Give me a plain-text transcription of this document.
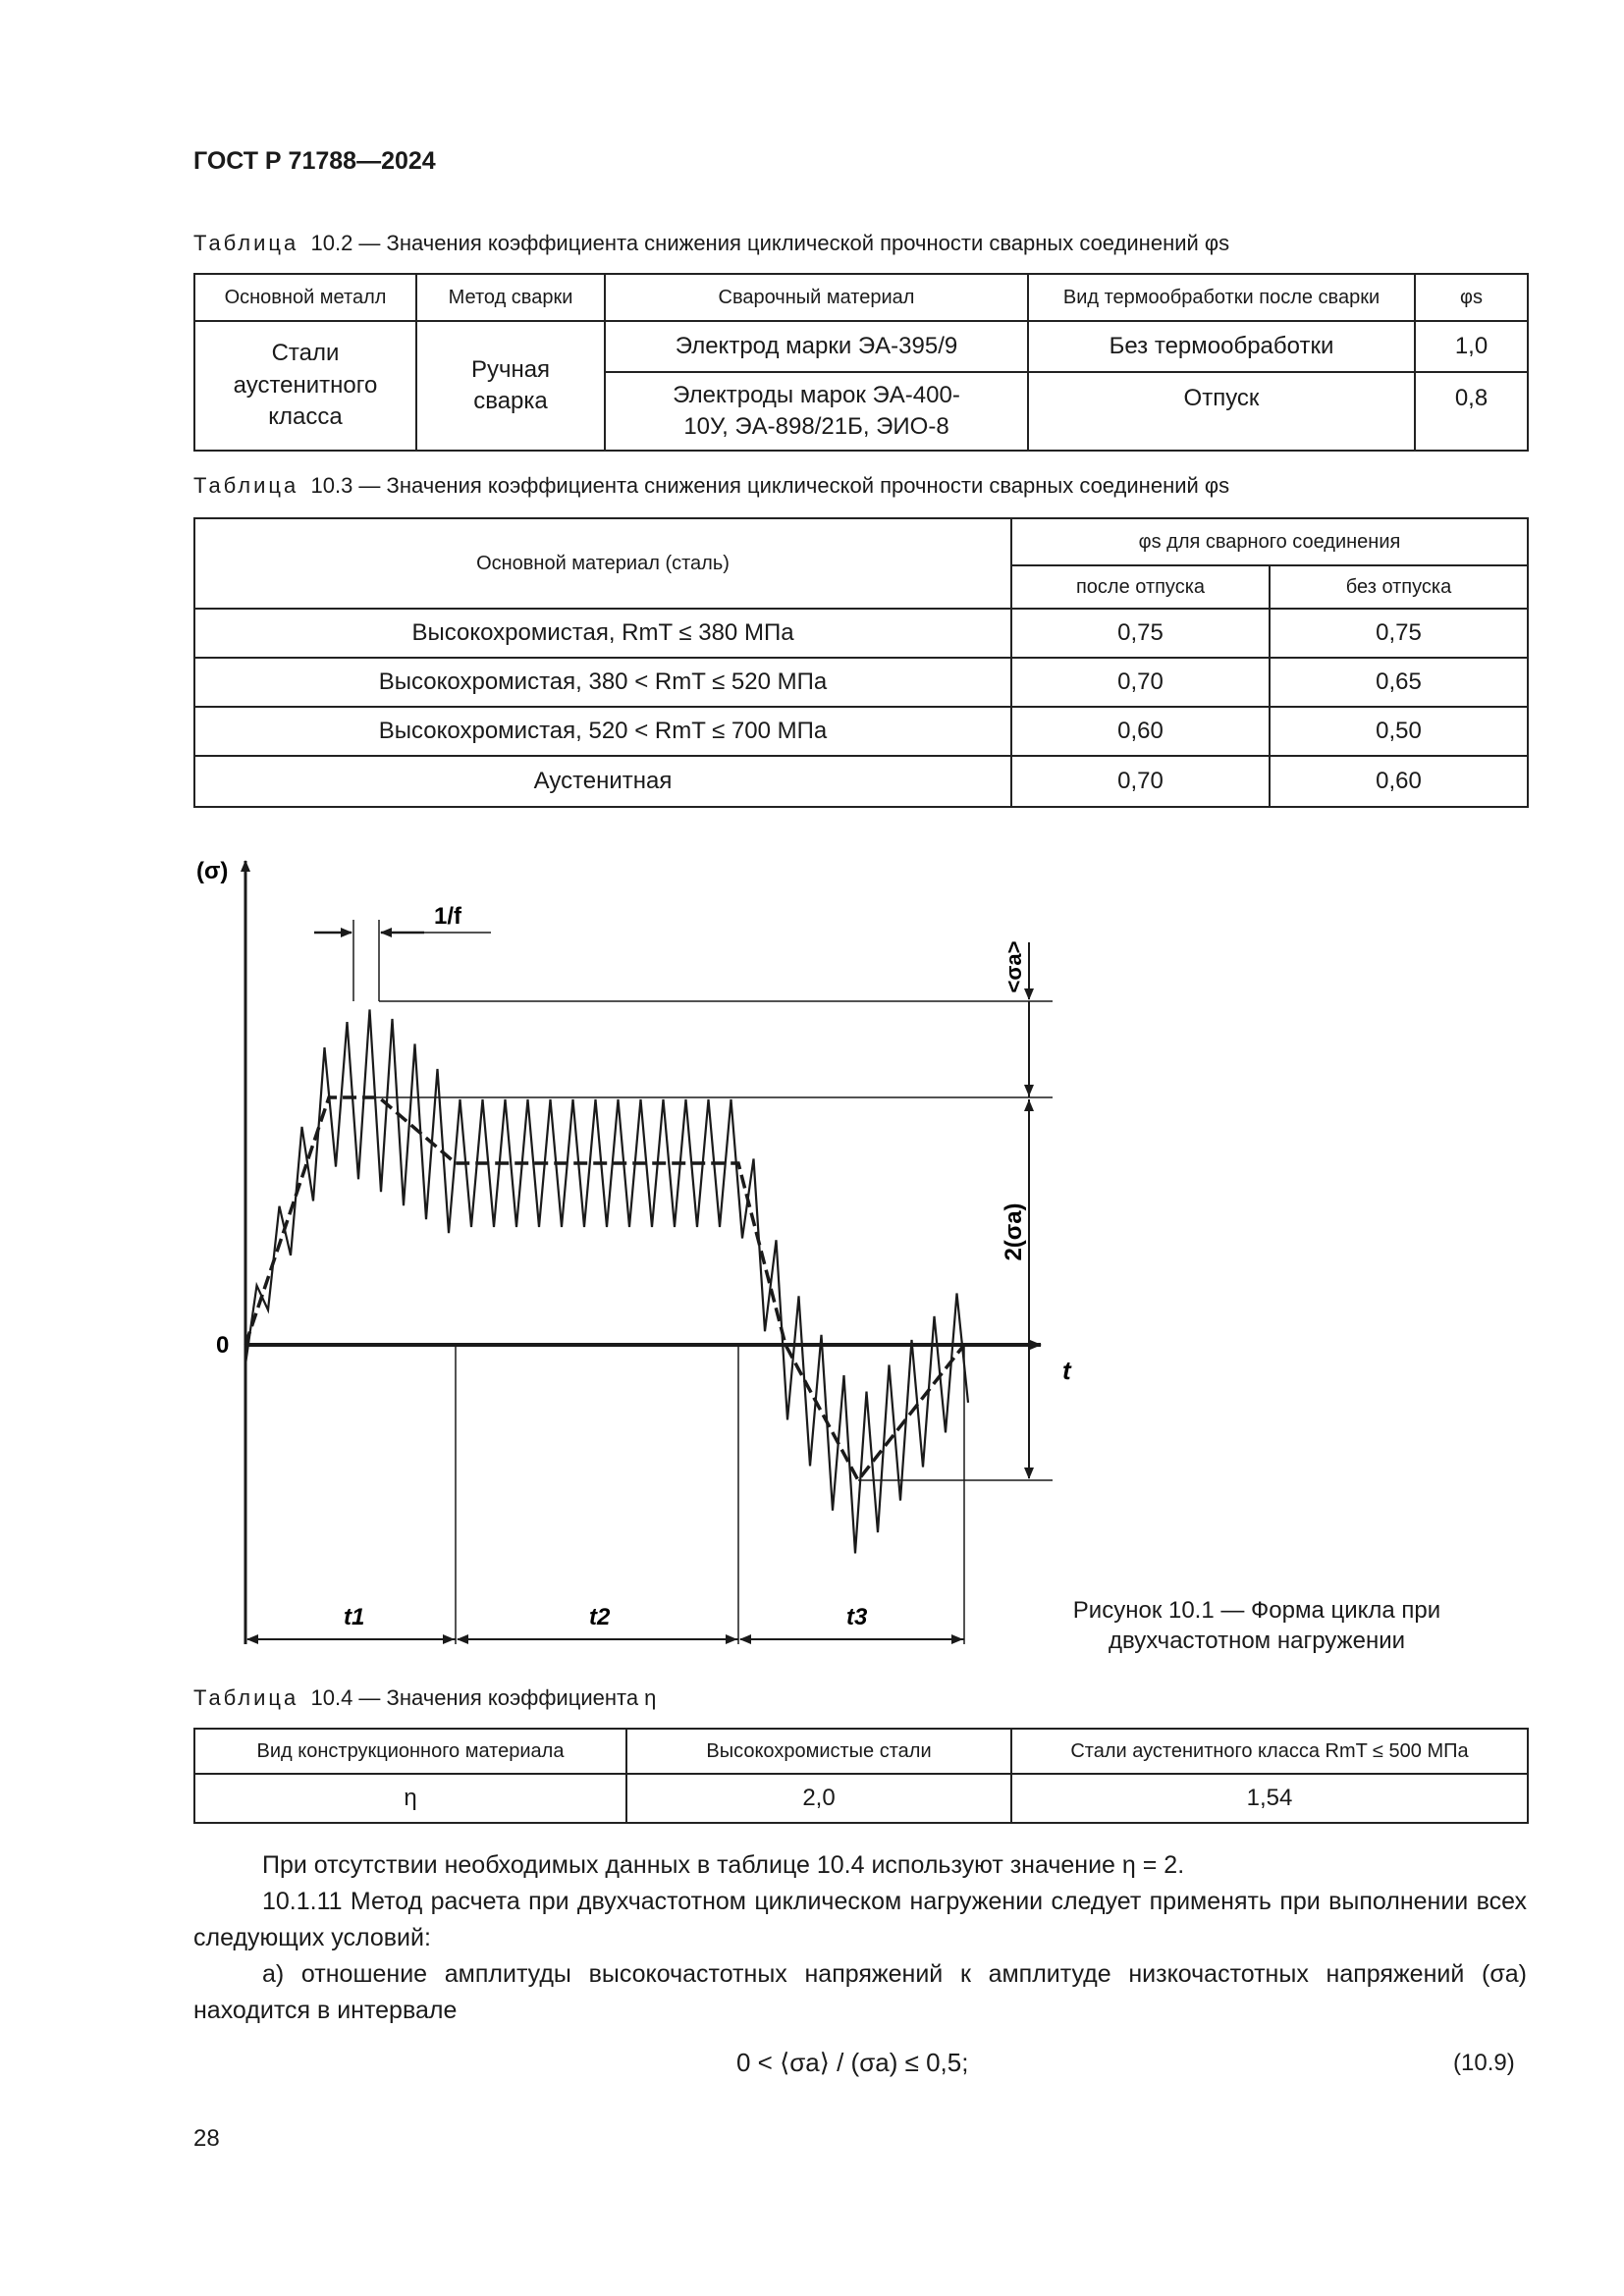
ГОСТ Р 71788—2024
Таблица 10.2 — Значения коэффициента снижения циклической прочности сварных соединений φs
Основной металл	Метод сварки	Сварочный материал	Вид термообработки после сварки	φs
Стали аустенитного класса	Ручная сварка	Электрод марки ЭА-395/9	Без термообработки	1,0
		Электроды марок ЭА-400-10У, ЭА-898/21Б, ЭИО-8	Отпуск	0,8
Таблица 10.3 — Значения коэффициента снижения циклической прочности сварных соединений φs
Основной материал (сталь)	φs для сварного соединения	
	после отпуска	без отпуска
Высокохромистая, RmT ≤ 380 МПа	0,75	0,75
Высокохромистая, 380 < RmT ≤ 520 МПа	0,70	0,65
Высокохромистая, 520 < RmT ≤ 700 МПа	0,60	0,50
Аустенитная	0,70	0,60
(σ)
0
t
1/f
<σa>
2(σa)
t1	t2	t3	Рисунок 10.1 — Форма цикла при
двухчастотном нагружении
Таблица 10.4 — Значения коэффициента η
Вид конструкционного материала	Высокохромистые стали	Стали аустенитного класса RmT ≤ 500 МПа
η	2,0	1,54
При отсутствии необходимых данных в таблице 10.4 используют значение η = 2.
10.1.11 Метод расчета при двухчастотном циклическом нагружении следует применять при выполнении всех следующих условий:
а) отношение амплитуды высокочастотных напряжений к амплитуде низкочастотных напряжений (σa) находится в интервале
0 < ⟨σa⟩ / (σa) ≤ 0,5;	(10.9)
28
